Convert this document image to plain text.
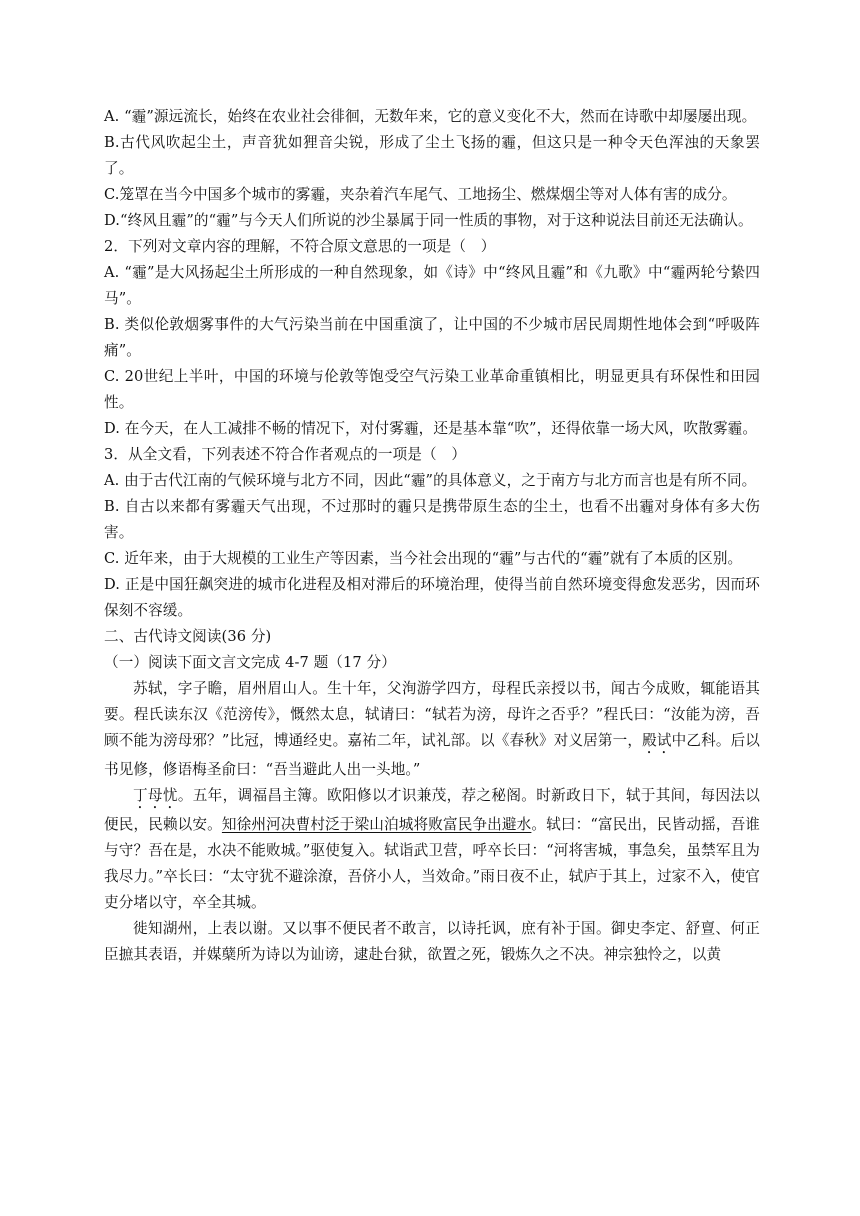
A. “霾”源远流长，始终在农业社会徘徊，无数年来，它的意义变化不大，然而在诗歌中却屡屡出现。

B.古代风吹起尘土，声音犹如狸音尖锐，形成了尘土飞扬的霾，但这只是一种令天色浑浊的天象罢了。

C.笼罩在当今中国多个城市的雾霾，夹杂着汽车尾气、工地扬尘、燃煤烟尘等对人体有害的成分。

D.“终风且霾”的“霾”与今天人们所说的沙尘暴属于同一性质的事物，对于这种说法目前还无法确认。

2．下列对文章内容的理解，不符合原文意思的一项是（　）

A. “霾”是大风扬起尘土所形成的一种自然现象，如《诗》中“终风且霾”和《九歌》中“霾两轮兮絷四马”。

B. 类似伦敦烟雾事件的大气污染当前在中国重演了，让中国的不少城市居民周期性地体会到“呼吸阵痛”。

C. 20世纪上半叶，中国的环境与伦敦等饱受空气污染工业革命重镇相比，明显更具有环保性和田园性。

D. 在今天，在人工减排不畅的情况下，对付雾霾，还是基本靠“吹”，还得依靠一场大风，吹散雾霾。

3．从全文看，下列表述不符合作者观点的一项是（　）

A. 由于古代江南的气候环境与北方不同，因此“霾”的具体意义，之于南方与北方而言也是有所不同。

B. 自古以来都有雾霾天气出现，不过那时的霾只是携带原生态的尘土，也看不出霾对身体有多大伤害。

C. 近年来，由于大规模的工业生产等因素，当今社会出现的“霾”与古代的“霾”就有了本质的区别。

D. 正是中国狂飙突进的城市化进程及相对滞后的环境治理，使得当前自然环境变得愈发恶劣，因而环保刻不容缓。

二、古代诗文阅读(36 分)

（一）阅读下面文言文完成 4-7 题（17 分）

苏轼，字子瞻，眉州眉山人。生十年，父洵游学四方，母程氏亲授以书，闻古今成败，辄能语其要。程氏读东汉《范滂传》，慨然太息，轼请曰：“轼若为滂，母许之否乎？”程氏曰：“汝能为滂，吾顾不能为滂母邪？”比冠，博通经史。嘉祐二年，试礼部。以《春秋》对义居第一，殿试中乙科。后以书见修，修语梅圣俞曰：“吾当避此人出一头地。”

丁母忧。五年，调福昌主簿。欧阳修以才识兼茂，荐之秘阁。时新政日下，轼于其间，每因法以便民，民赖以安。知徐州河决曹村泛于梁山泊城将败富民争出避水。轼曰：“富民出，民皆动摇，吾谁与守？吾在是，水决不能败城。”驱使复入。轼诣武卫营，呼卒长曰：“河将害城，事急矣，虽禁军且为我尽力。”卒长曰：“太守犹不避涂潦，吾侪小人，当效命。”雨日夜不止，轼庐于其上，过家不入，使官吏分堵以守，卒全其城。

徙知湖州，上表以谢。又以事不便民者不敢言，以诗托讽，庶有补于国。御史李定、舒亶、何正臣摭其表语，并媒蘖所为诗以为讪谤，逮赴台狱，欲置之死，锻炼久之不决。神宗独怜之，以黄
